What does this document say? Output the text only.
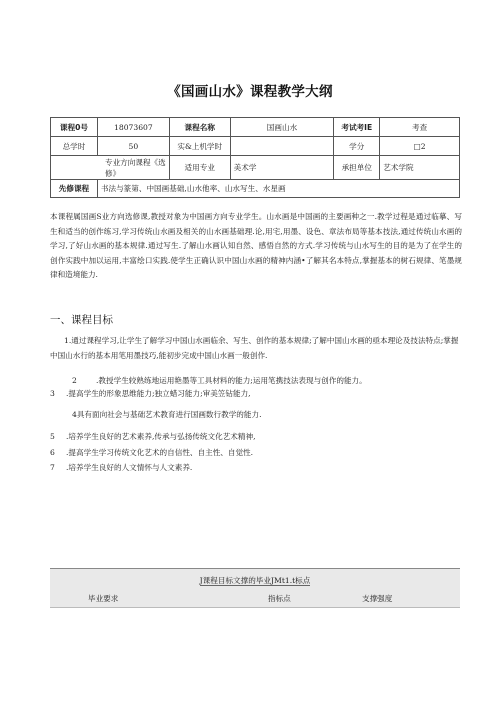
《国画山水》课程教学大纲
课程0号	18073607	课程名称	国画山水	考试考IE	考查
总学时	50	实&上机学时		学分	□2
专业方向课程《选修》		适用专业	美术学	承担单位	艺术学院
先修课程	书法与篆第、中国画基础,山水他率、山水写生、水星画				

本课程属国画S业方向选修课,教授对象为中国画方向专业学生。山水画是中国画的主要画种之一.教学过程是通过临摹、写生和适当的创作练习,学习传统山水画及相关的山水画基础理.论,用宅,用墨、设色、章法布局等基本技法,通过传统山水画的学习,了好山水画的基本规律.通过写生.了解山水画认知自然、感悟自然的方式.学习传统与山水写生的目的是为了在学生的创作实践中加以运用,丰富绘口实践.使学生正确认识中国山水画的精神内涵•了解其名本特点,掌握基本的树石规律、笔墨规律和造境能力.

一、课程目标

1.通过课程学习,让学生了解学习中国山水画临余、写生、创作的基本规律;了解中国山水画的亟本理论及技法特点;掌握中国山水行的基本用笔用墨技巧,能初步完成中国山水画一般创作.

2	.教授学生较熟练地运用艳墨等工具材料的能力;运用笔携技法表现与创作的能力。

3 .提高学生的形象思维能力;独立蜡习能力;审美笠钻能力,

4具有面向社会与基础艺术教育进行国画数行教学的能力.

5 .培养学生良好的艺术素养,传承与弘扬传统文化艺术精神,

6 .提高学生学习传统文化艺术的自信性、自主性、自觉性.

7 .培养学生良好的人文情怀与人文素养.

J课程目标文撑的毕业JMt1.t标点
毕业要求	指标点	支撑强度
